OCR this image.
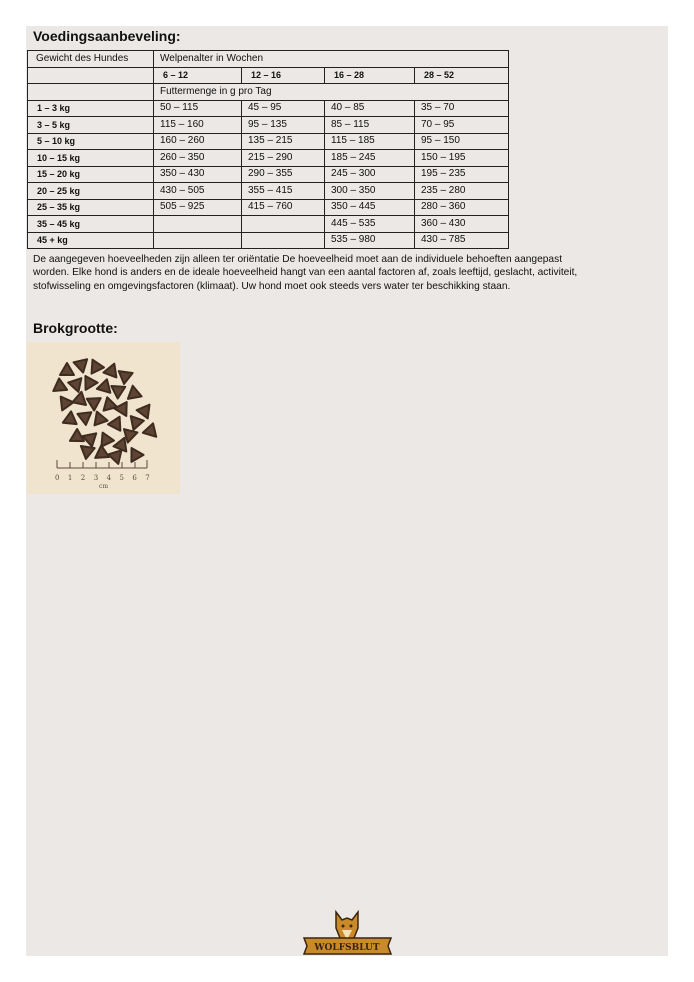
Voedingsaanbeveling:
Gewicht des Hundes	Welpenalter in Wochen			
	6 – 12	12 – 16	16 – 28	28 – 52
	Futtermenge in g pro Tag			
1 – 3 kg	50 – 115	45 – 95	40 – 85	35 – 70
3 – 5 kg	115 – 160	95 – 135	85 – 115	70 – 95
5 – 10 kg	160 – 260	135 – 215	115 – 185	95 – 150
10 – 15 kg	260 – 350	215 – 290	185 – 245	150 – 195
15 – 20 kg	350 – 430	290 – 355	245 – 300	195 – 235
20 – 25 kg	430 – 505	355 – 415	300 – 350	235 – 280
25 – 35 kg	505 – 925	415 – 760	350 – 445	280 – 360
35 – 45 kg			445 – 535	360 – 430
45 + kg			535 – 980	430 – 785
De aangegeven hoeveelheden zijn alleen ter oriëntatie De hoeveelheid moet aan de individuele behoeften aangepast worden. Elke hond is anders en de ideale hoeveelheid hangt van een aantal factoren af, zoals leeftijd, geslacht, activiteit, stofwisseling en omgevingsfactoren (klimaat). Uw hond moet ook steeds vers water ter beschikking staan.
Brokgrootte:
0 1 2 3 4 5 6 7
cm
WOLFSBLUT
